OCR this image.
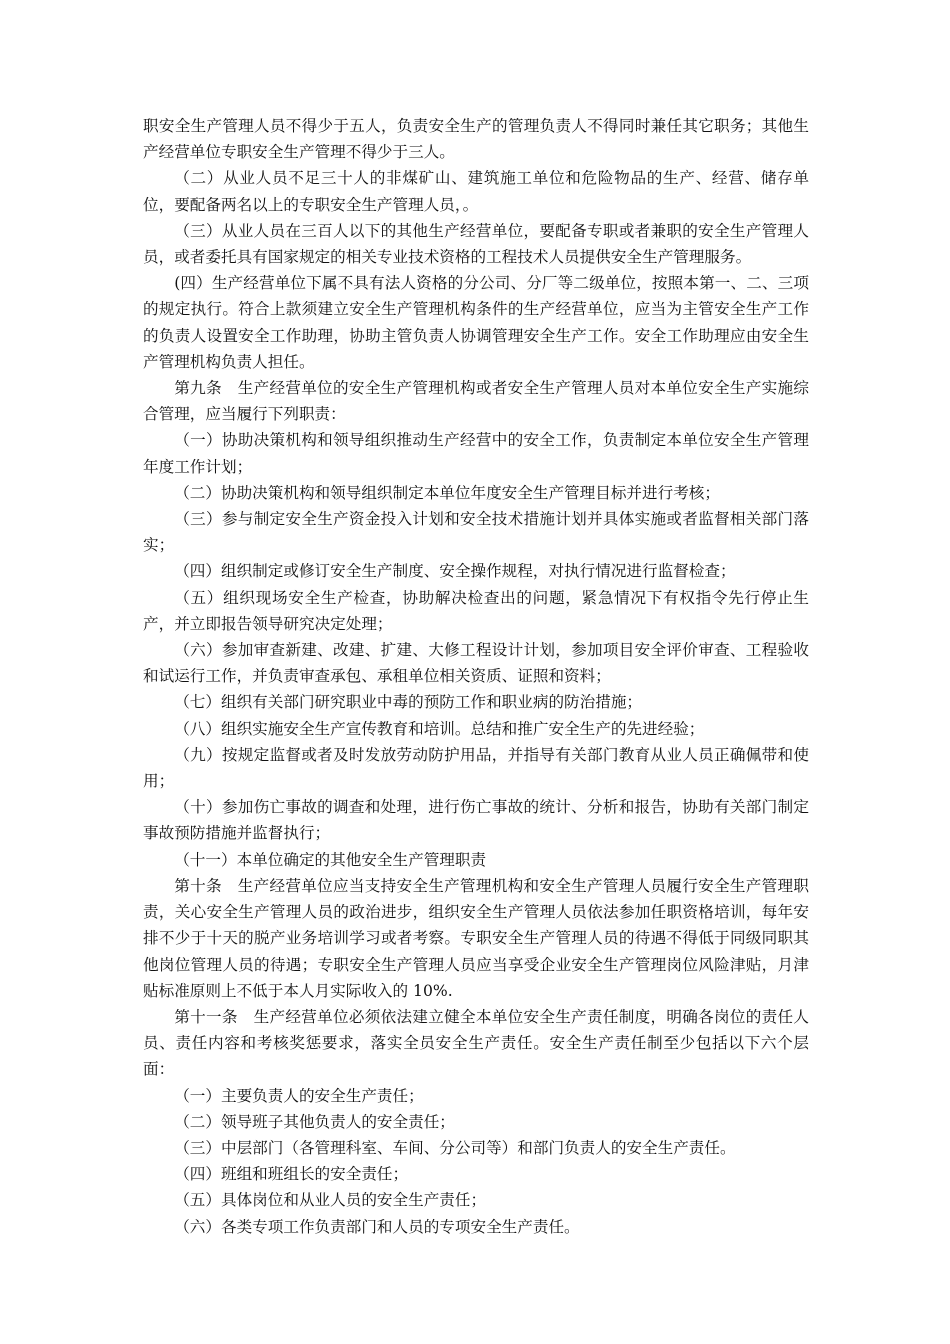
职安全生产管理人员不得少于五人，负责安全生产的管理负责人不得同时兼任其它职务；其他生产经营单位专职安全生产管理不得少于三人。

（二）从业人员不足三十人的非煤矿山、建筑施工单位和危险物品的生产、经营、储存单位，要配备两名以上的专职安全生产管理人员，。

（三）从业人员在三百人以下的其他生产经营单位，要配备专职或者兼职的安全生产管理人员，或者委托具有国家规定的相关专业技术资格的工程技术人员提供安全生产管理服务。

(四）生产经营单位下属不具有法人资格的分公司、分厂等二级单位，按照本第一、二、三项的规定执行。符合上款须建立安全生产管理机构条件的生产经营单位，应当为主管安全生产工作的负责人设置安全工作助理，协助主管负责人协调管理安全生产工作。安全工作助理应由安全生产管理机构负责人担任。

第九条　生产经营单位的安全生产管理机构或者安全生产管理人员对本单位安全生产实施综合管理，应当履行下列职责：

（一）协助决策机构和领导组织推动生产经营中的安全工作，负责制定本单位安全生产管理年度工作计划；

（二）协助决策机构和领导组织制定本单位年度安全生产管理目标并进行考核；

（三）参与制定安全生产资金投入计划和安全技术措施计划并具体实施或者监督相关部门落实；

（四）组织制定或修订安全生产制度、安全操作规程，对执行情况进行监督检查；

（五）组织现场安全生产检查，协助解决检查出的问题，紧急情况下有权指令先行停止生产，并立即报告领导研究决定处理；

（六）参加审查新建、改建、扩建、大修工程设计计划，参加项目安全评价审查、工程验收和试运行工作，并负责审查承包、承租单位相关资质、证照和资料；

（七）组织有关部门研究职业中毒的预防工作和职业病的防治措施；

（八）组织实施安全生产宣传教育和培训。总结和推广安全生产的先进经验；

（九）按规定监督或者及时发放劳动防护用品，并指导有关部门教育从业人员正确佩带和使用；

（十）参加伤亡事故的调查和处理，进行伤亡事故的统计、分析和报告，协助有关部门制定事故预防措施并监督执行；

（十一）本单位确定的其他安全生产管理职责

第十条　生产经营单位应当支持安全生产管理机构和安全生产管理人员履行安全生产管理职责，关心安全生产管理人员的政治进步，组织安全生产管理人员依法参加任职资格培训，每年安排不少于十天的脱产业务培训学习或者考察。专职安全生产管理人员的待遇不得低于同级同职其他岗位管理人员的待遇；专职安全生产管理人员应当享受企业安全生产管理岗位风险津贴，月津贴标准原则上不低于本人月实际收入的 10%.

第十一条　生产经营单位必须依法建立健全本单位安全生产责任制度，明确各岗位的责任人员、责任内容和考核奖惩要求，落实全员安全生产责任。安全生产责任制至少包括以下六个层面：

（一）主要负责人的安全生产责任；

（二）领导班子其他负责人的安全责任；

（三）中层部门（各管理科室、车间、分公司等）和部门负责人的安全生产责任。

（四）班组和班组长的安全责任；

（五）具体岗位和从业人员的安全生产责任；

（六）各类专项工作负责部门和人员的专项安全生产责任。
